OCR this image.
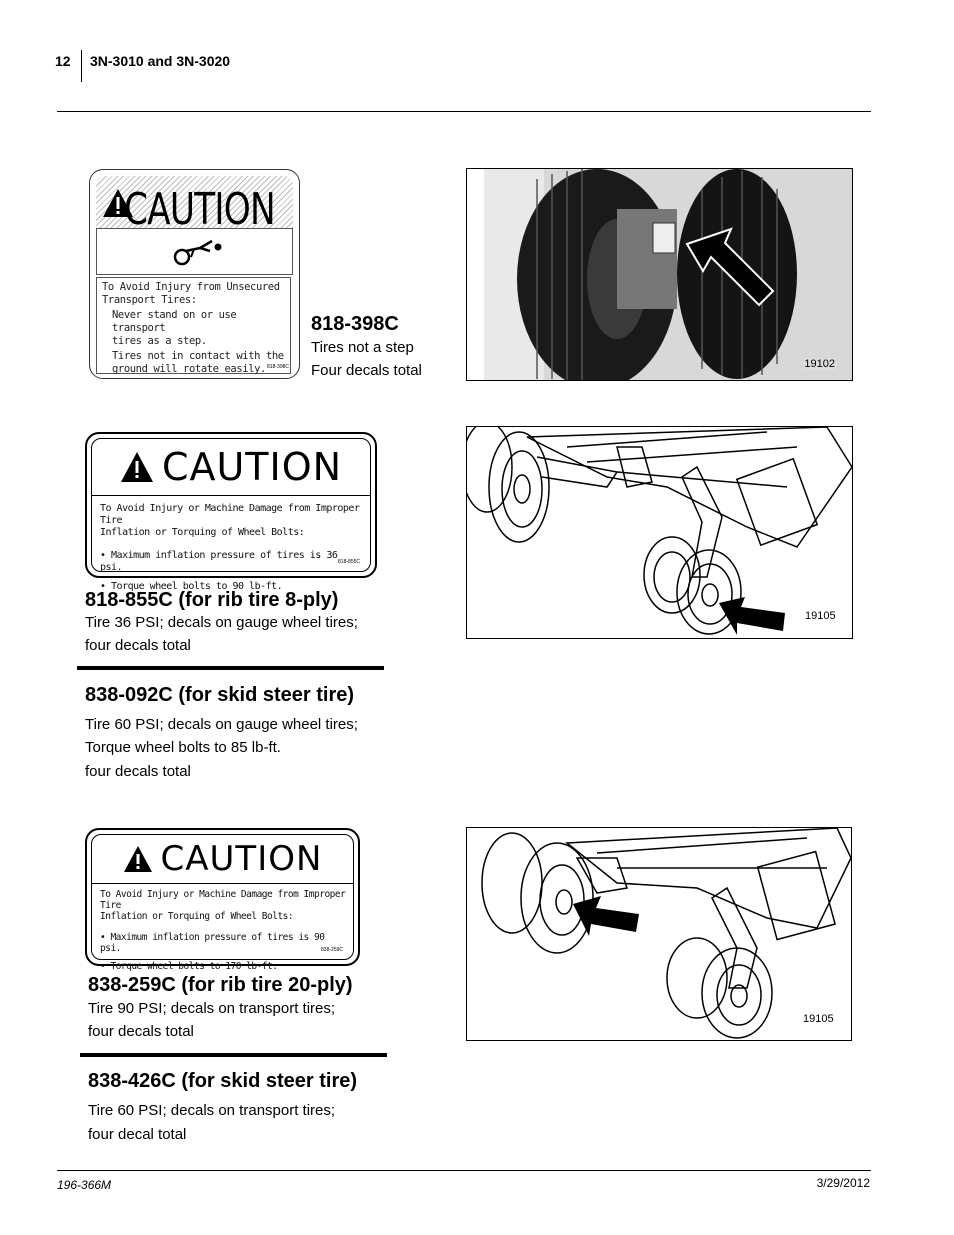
12 3N-3010 and 3N-3020
CAUTION
To Avoid Injury from Unsecured
Transport Tires:
Never stand on or use transport
tires as a step.
Tires not in contact with the
ground will rotate easily. 818-398C
818-398C
Tires not a step
Four decals total	19102
CAUTION
To Avoid Injury or Machine Damage from Improper Tire
Inflation or Torquing of Wheel Bolts:
• Maximum inflation pressure of tires is 36 psi.
• Torque wheel bolts to 90 lb-ft.
818-855C
818-855C (for rib tire 8-ply)
Tire 36 PSI; decals on gauge wheel tires;
four decals total
838-092C (for skid steer tire)
Tire 60 PSI; decals on gauge wheel tires;
Torque wheel bolts to 85 lb-ft.
four decals total
19105
CAUTION
To Avoid Injury or Machine Damage from Improper Tire
Inflation or Torquing of Wheel Bolts:
• Maximum inflation pressure of tires is 90 psi.
• Torque wheel bolts to 170 lb-ft.
838-259C
838-259C (for rib tire 20-ply)
Tire 90 PSI; decals on transport tires;
four decals total
838-426C (for skid steer tire)
Tire 60 PSI; decals on transport tires;
four decal total
19105
196-366M	3/29/2012
